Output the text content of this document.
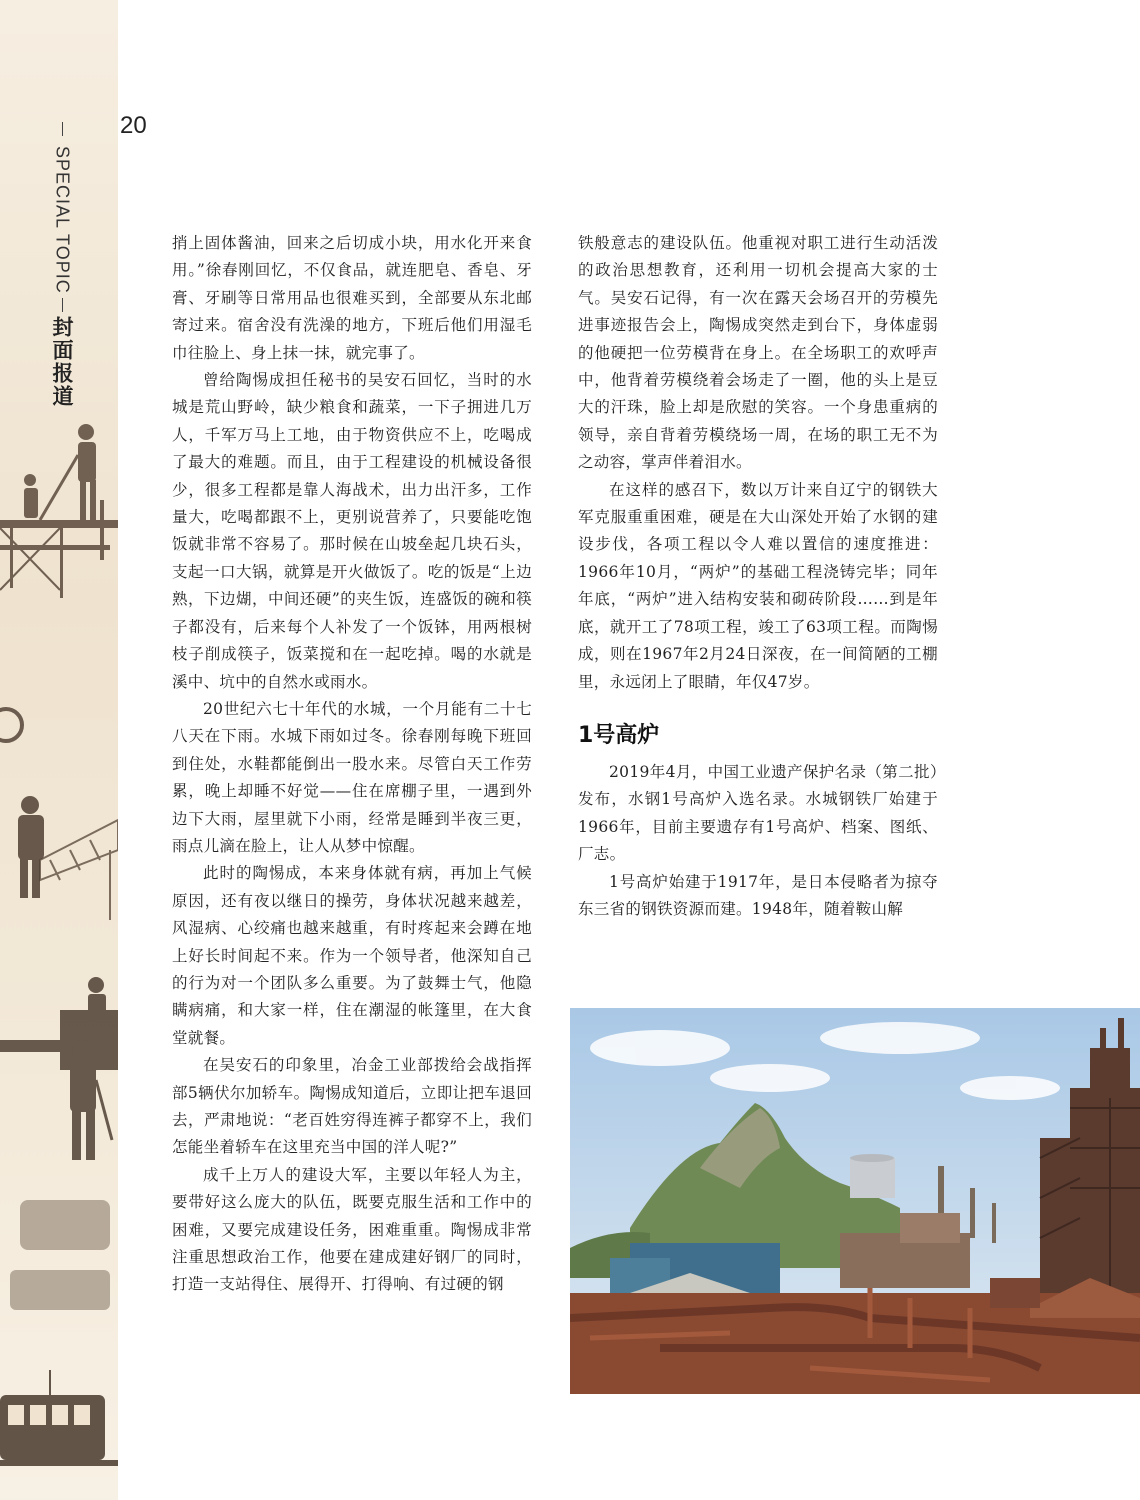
SPECIAL TOPIC
封面报道
20

捎上固体酱油，回来之后切成小块，用水化开来食用。”徐春刚回忆，不仅食品，就连肥皂、香皂、牙膏、牙刷等日常用品也很难买到，全部要从东北邮寄过来。宿舍没有洗澡的地方，下班后他们用湿毛巾往脸上、身上抹一抹，就完事了。

曾给陶惕成担任秘书的吴安石回忆，当时的水城是荒山野岭，缺少粮食和蔬菜，一下子拥进几万人，千军万马上工地，由于物资供应不上，吃喝成了最大的难题。而且，由于工程建设的机械设备很少，很多工程都是靠人海战术，出力出汗多，工作量大，吃喝都跟不上，更别说营养了，只要能吃饱饭就非常不容易了。那时候在山坡垒起几块石头，支起一口大锅，就算是开火做饭了。吃的饭是“上边熟，下边煳，中间还硬”的夹生饭，连盛饭的碗和筷子都没有，后来每个人补发了一个饭钵，用两根树枝子削成筷子，饭菜搅和在一起吃掉。喝的水就是溪中、坑中的自然水或雨水。

20世纪六七十年代的水城，一个月能有二十七八天在下雨。水城下雨如过冬。徐春刚每晚下班回到住处，水鞋都能倒出一股水来。尽管白天工作劳累，晚上却睡不好觉——住在席棚子里，一遇到外边下大雨，屋里就下小雨，经常是睡到半夜三更，雨点儿滴在脸上，让人从梦中惊醒。

此时的陶惕成，本来身体就有病，再加上气候原因，还有夜以继日的操劳，身体状况越来越差，风湿病、心绞痛也越来越重，有时疼起来会蹲在地上好长时间起不来。作为一个领导者，他深知自己的行为对一个团队多么重要。为了鼓舞士气，他隐瞒病痛，和大家一样，住在潮湿的帐篷里，在大食堂就餐。

在吴安石的印象里，冶金工业部拨给会战指挥部5辆伏尔加轿车。陶惕成知道后，立即让把车退回去，严肃地说：“老百姓穷得连裤子都穿不上，我们怎能坐着轿车在这里充当中国的洋人呢?”

成千上万人的建设大军，主要以年轻人为主，要带好这么庞大的队伍，既要克服生活和工作中的困难，又要完成建设任务，困难重重。陶惕成非常注重思想政治工作，他要在建成建好钢厂的同时，打造一支站得住、展得开、打得响、有过硬的钢

铁般意志的建设队伍。他重视对职工进行生动活泼的政治思想教育，还利用一切机会提高大家的士气。吴安石记得，有一次在露天会场召开的劳模先进事迹报告会上，陶惕成突然走到台下，身体虚弱的他硬把一位劳模背在身上。在全场职工的欢呼声中，他背着劳模绕着会场走了一圈，他的头上是豆大的汗珠，脸上却是欣慰的笑容。一个身患重病的领导，亲自背着劳模绕场一周，在场的职工无不为之动容，掌声伴着泪水。

在这样的感召下，数以万计来自辽宁的钢铁大军克服重重困难，硬是在大山深处开始了水钢的建设步伐，各项工程以令人难以置信的速度推进：1966年10月，“两炉”的基础工程浇铸完毕；同年年底，“两炉”进入结构安装和砌砖阶段……到是年底，就开工了78项工程，竣工了63项工程。而陶惕成，则在1967年2月24日深夜，在一间简陋的工棚里，永远闭上了眼睛，年仅47岁。

1号高炉

2019年4月，中国工业遗产保护名录（第二批）发布，水钢1号高炉入选名录。水城钢铁厂始建于1966年，目前主要遗存有1号高炉、档案、图纸、厂志。

1号高炉始建于1917年，是日本侵略者为掠夺东三省的钢铁资源而建。1948年，随着鞍山解
